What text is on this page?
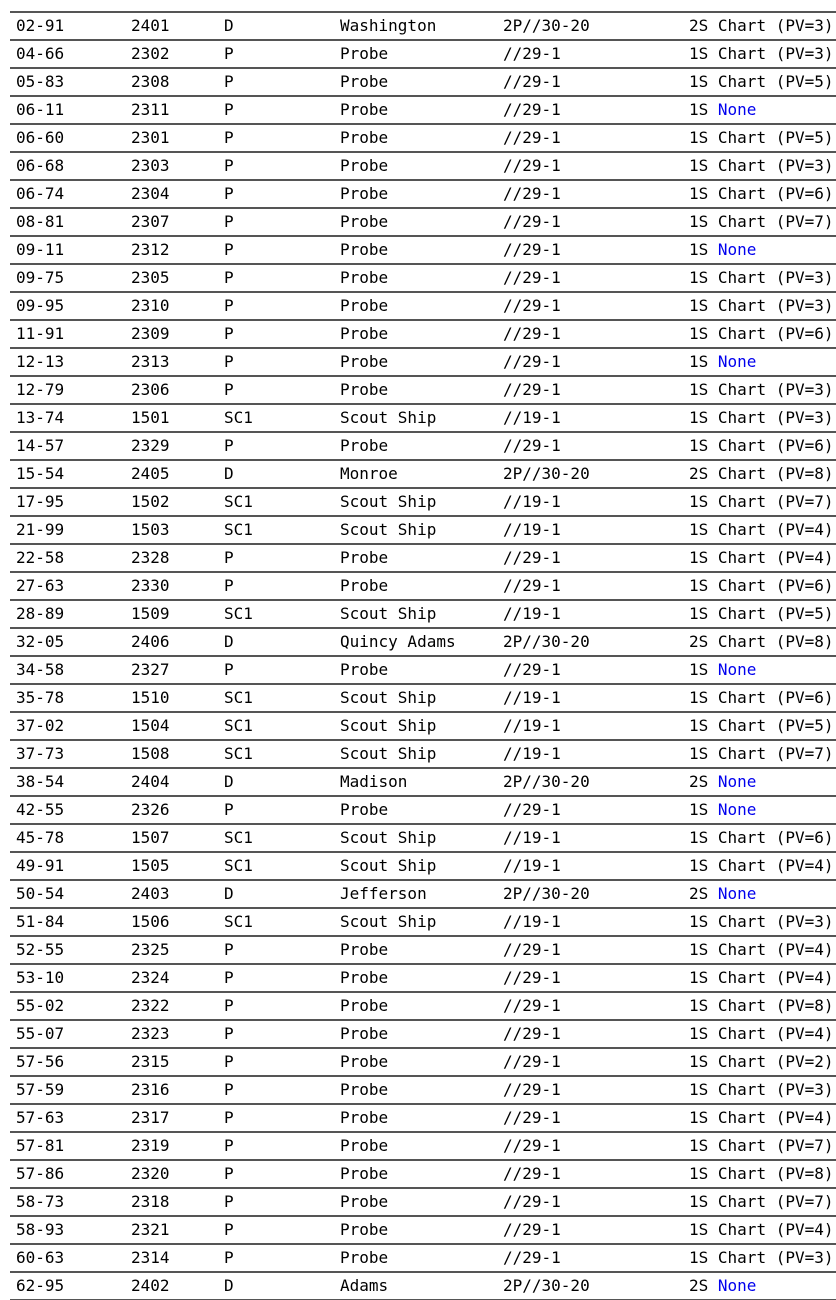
02-91	2401	D	Washington	2P//30-20	2S Chart (PV=3)
04-66	2302	P	Probe	//29-1	1S Chart (PV=3)
05-83	2308	P	Probe	//29-1	1S Chart (PV=5)
06-11	2311	P	Probe	//29-1	1S None
06-60	2301	P	Probe	//29-1	1S Chart (PV=5)
06-68	2303	P	Probe	//29-1	1S Chart (PV=3)
06-74	2304	P	Probe	//29-1	1S Chart (PV=6)
08-81	2307	P	Probe	//29-1	1S Chart (PV=7)
09-11	2312	P	Probe	//29-1	1S None
09-75	2305	P	Probe	//29-1	1S Chart (PV=3)
09-95	2310	P	Probe	//29-1	1S Chart (PV=3)
11-91	2309	P	Probe	//29-1	1S Chart (PV=6)
12-13	2313	P	Probe	//29-1	1S None
12-79	2306	P	Probe	//29-1	1S Chart (PV=3)
13-74	1501	SC1	Scout Ship	//19-1	1S Chart (PV=3)
14-57	2329	P	Probe	//29-1	1S Chart (PV=6)
15-54	2405	D	Monroe	2P//30-20	2S Chart (PV=8)
17-95	1502	SC1	Scout Ship	//19-1	1S Chart (PV=7)
21-99	1503	SC1	Scout Ship	//19-1	1S Chart (PV=4)
22-58	2328	P	Probe	//29-1	1S Chart (PV=4)
27-63	2330	P	Probe	//29-1	1S Chart (PV=6)
28-89	1509	SC1	Scout Ship	//19-1	1S Chart (PV=5)
32-05	2406	D	Quincy Adams	2P//30-20	2S Chart (PV=8)
34-58	2327	P	Probe	//29-1	1S None
35-78	1510	SC1	Scout Ship	//19-1	1S Chart (PV=6)
37-02	1504	SC1	Scout Ship	//19-1	1S Chart (PV=5)
37-73	1508	SC1	Scout Ship	//19-1	1S Chart (PV=7)
38-54	2404	D	Madison	2P//30-20	2S None
42-55	2326	P	Probe	//29-1	1S None
45-78	1507	SC1	Scout Ship	//19-1	1S Chart (PV=6)
49-91	1505	SC1	Scout Ship	//19-1	1S Chart (PV=4)
50-54	2403	D	Jefferson	2P//30-20	2S None
51-84	1506	SC1	Scout Ship	//19-1	1S Chart (PV=3)
52-55	2325	P	Probe	//29-1	1S Chart (PV=4)
53-10	2324	P	Probe	//29-1	1S Chart (PV=4)
55-02	2322	P	Probe	//29-1	1S Chart (PV=8)
55-07	2323	P	Probe	//29-1	1S Chart (PV=4)
57-56	2315	P	Probe	//29-1	1S Chart (PV=2)
57-59	2316	P	Probe	//29-1	1S Chart (PV=3)
57-63	2317	P	Probe	//29-1	1S Chart (PV=4)
57-81	2319	P	Probe	//29-1	1S Chart (PV=7)
57-86	2320	P	Probe	//29-1	1S Chart (PV=8)
58-73	2318	P	Probe	//29-1	1S Chart (PV=7)
58-93	2321	P	Probe	//29-1	1S Chart (PV=4)
60-63	2314	P	Probe	//29-1	1S Chart (PV=3)
62-95	2402	D	Adams	2P//30-20	2S None
